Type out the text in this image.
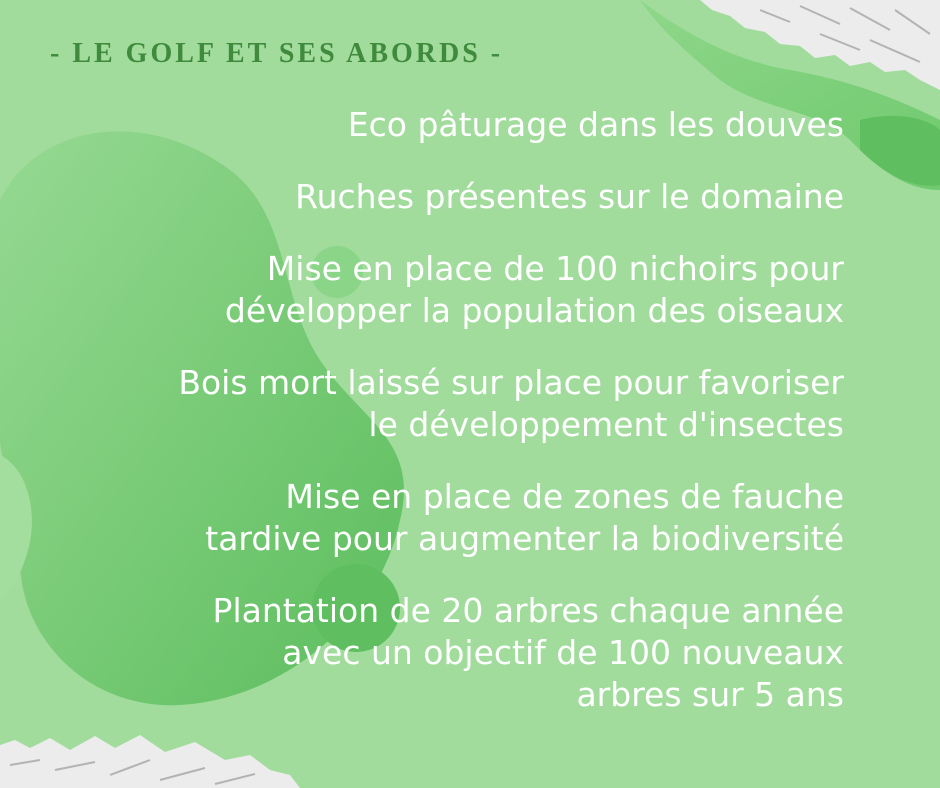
- LE GOLF ET SES ABORDS -
Eco pâturage dans les douves
Ruches présentes sur le domaine
Mise en place de 100 nichoirs pour
développer la population des oiseaux
Bois mort laissé sur place pour favoriser
le développement d'insectes
Mise en place de zones de fauche
tardive pour augmenter la biodiversité
Plantation de 20 arbres chaque année
avec un objectif de 100 nouveaux
arbres sur 5 ans
